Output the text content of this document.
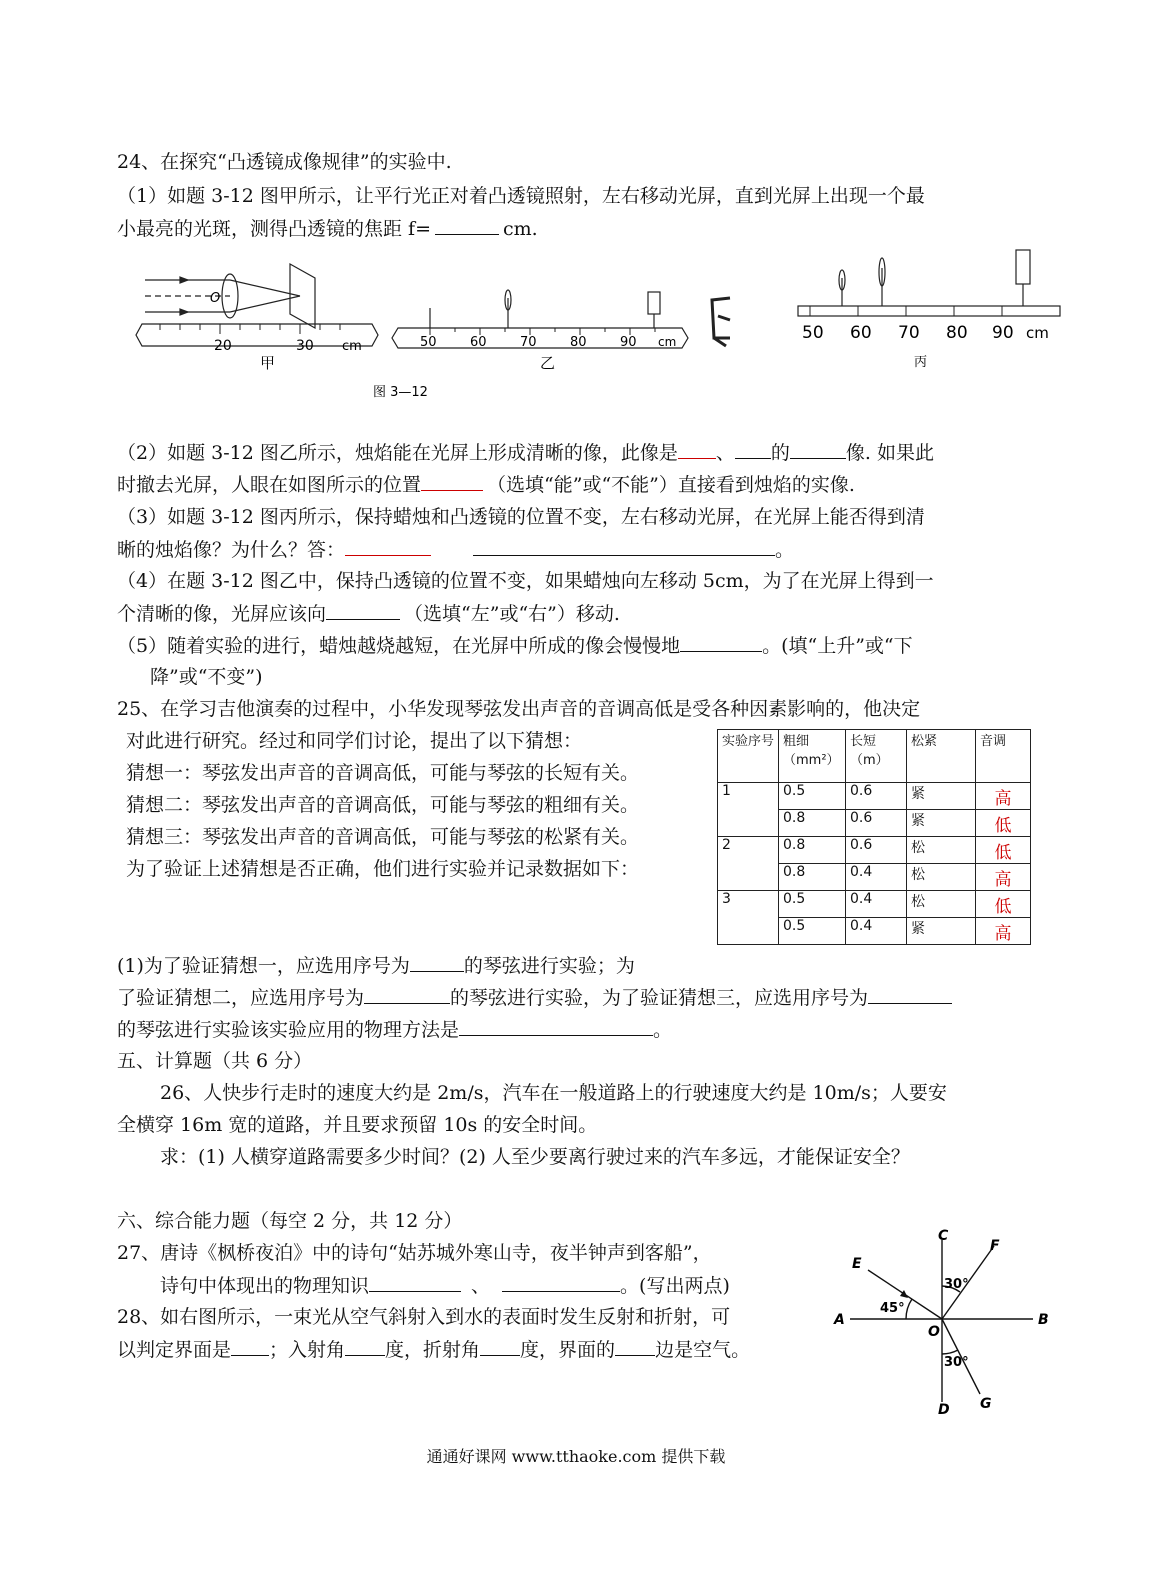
24、在探究“凸透镜成像规律”的实验中.
（1）如题 3-12 图甲所示，让平行光正对着凸透镜照射，左右移动光屏，直到光屏上出现一个最
小最亮的光斑，测得凸透镜的焦距 f=	cm.
O
20	30 cm
甲
50	60	70	80	90 cm
乙
50 60 70 80 90 cm
丙
图 3—12
（2）如题 3-12 图乙所示，烛焰能在光屏上形成清晰的像，此像是 、 的	像. 如果此
时撤去光屏，人眼在如图所示的位置	（选填“能”或“不能”）直接看到烛焰的实像.
（3）如题 3-12 图丙所示，保持蜡烛和凸透镜的位置不变，左右移动光屏，在光屏上能否得到清
晰的烛焰像？为什么？答：	。
（4）在题 3-12 图乙中，保持凸透镜的位置不变，如果蜡烛向左移动 5cm，为了在光屏上得到一
个清晰的像，光屏应该向	（选填“左”或“右”）移动.
（5）随着实验的进行，蜡烛越烧越短，在光屏中所成的像会慢慢地	。(填“上升”或“下
降”或“不变”)
25、在学习吉他演奏的过程中，小华发现琴弦发出声音的音调高低是受各种因素影响的，他决定
对此进行研究。经过和同学们讨论，提出了以下猜想：
猜想一：琴弦发出声音的音调高低，可能与琴弦的长短有关。
猜想二：琴弦发出声音的音调高低，可能与琴弦的粗细有关。
猜想三：琴弦发出声音的音调高低，可能与琴弦的松紧有关。
为了验证上述猜想是否正确，他们进行实验并记录数据如下：
实验序号	粗细（mm²）	长短（m）	松紧	音调
1	0.5	0.6	紧	高
	0.8	0.6	紧	低
2	0.8	0.6	松	低
	0.8	0.4	松	高
3	0.5	0.4	松	低
	0.5	0.4	紧	高
(1)为了验证猜想一，应选用序号为	的琴弦进行实验；为
了验证猜想二，应选用序号为	的琴弦进行实验，为了验证猜想三，应选用序号为
的琴弦进行实验该实验应用的物理方法是	。
五、计算题（共 6 分）
26、人快步行走时的速度大约是 2m/s，汽车在一般道路上的行驶速度大约是 10m/s；人要安
全横穿 16m 宽的道路，并且要求预留 10s 的安全时间。
求：(1) 人横穿道路需要多少时间？(2) 人至少要离行驶过来的汽车多远，才能保证安全？
六、综合能力题（每空 2 分，共 12 分）
27、唐诗《枫桥夜泊》中的诗句“姑苏城外寒山寺，夜半钟声到客船”，
诗句中体现出的物理知识	、	。(写出两点)
28、如右图所示，一束光从空气斜射入到水的表面时发生反射和折射，可
以判定界面是 ；入射角 度，折射角 度，界面的 边是空气。
A	B
C
D
E
F
G
O
30°
45°
30°
通通好课网 www.tthaoke.com 提供下载
